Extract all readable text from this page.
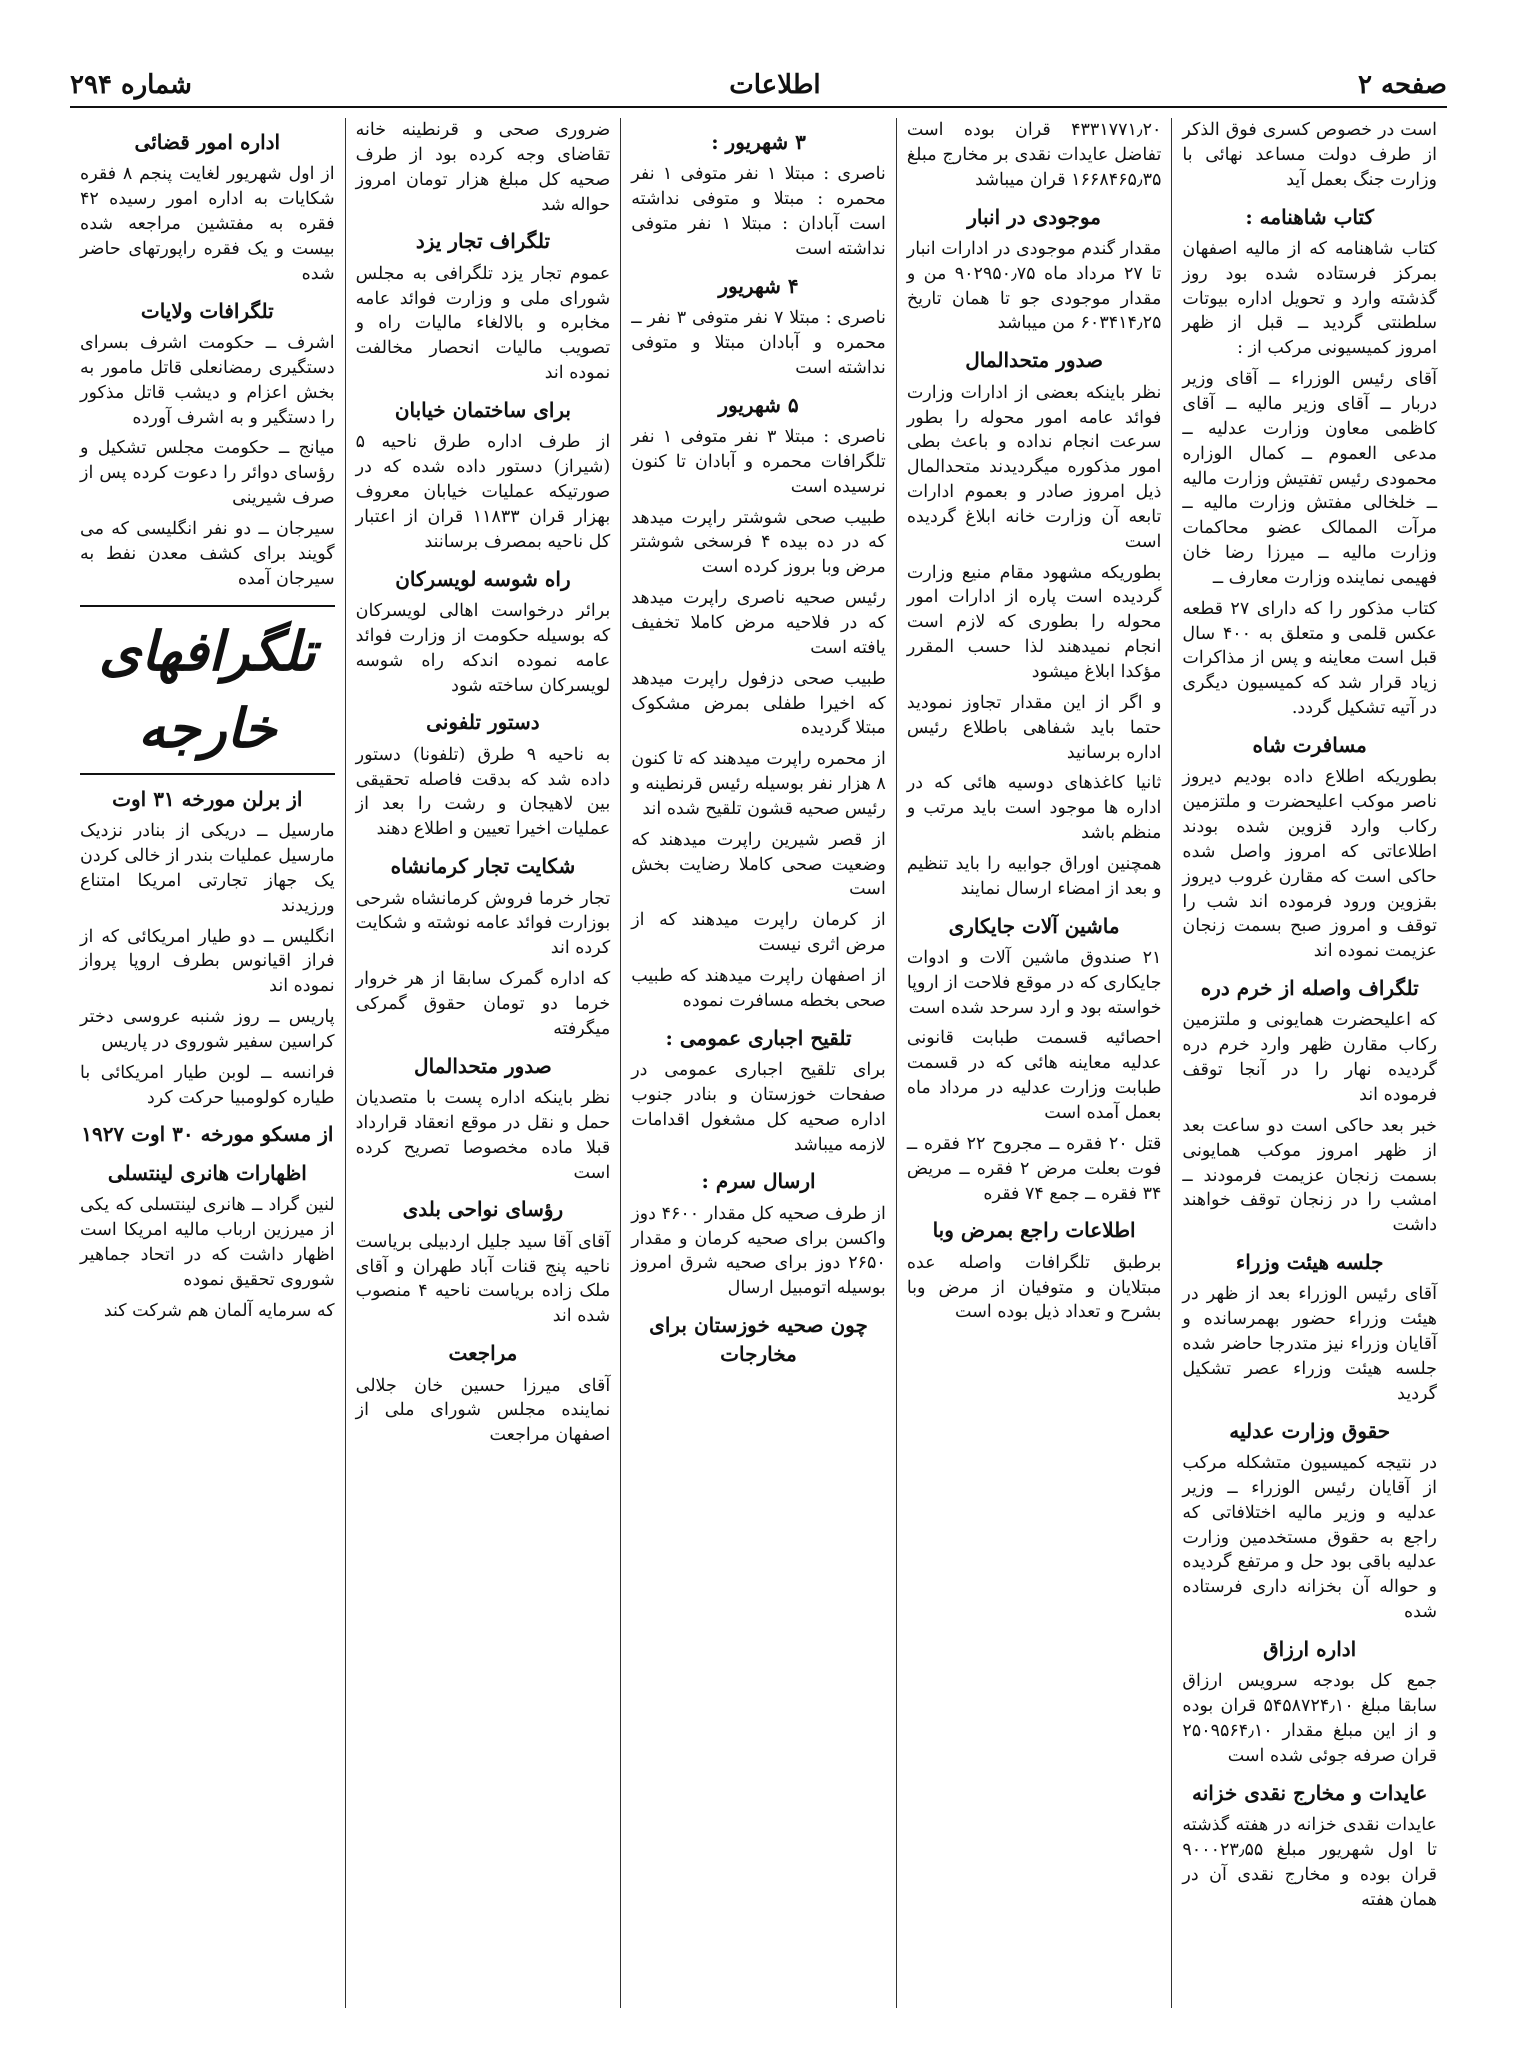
صفحه ۲
اطلاعات
شماره ۲۹۴

است در خصوص کسری فوق الذکر از طرف دولت مساعد نهائی با وزارت جنگ بعمل آید

کتاب شاهنامه :

کتاب شاهنامه که از مالیه اصفهان بمرکز فرستاده شده بود روز گذشته وارد و تحویل اداره بیوتات سلطنتی گردید ــ قبل از ظهر امروز کمیسیونی مرکب از :

آقای رئیس الوزراء ــ آقای وزیر دربار ــ آقای وزیر مالیه ــ آقای کاظمی معاون وزارت عدلیه ــ مدعی العموم ــ کمال الوزاره محمودی رئیس تفتیش وزارت مالیه ــ خلخالی مفتش وزارت مالیه ــ مرآت الممالک عضو محاکمات وزارت مالیه ــ میرزا رضا خان فهیمی نماینده وزارت معارف ــ

کتاب مذکور را که دارای ۲۷ قطعه عکس قلمی و متعلق به ۴۰۰ سال قبل است معاینه و پس از مذاکرات زیاد قرار شد که کمیسیون دیگری در آتیه تشکیل گردد.

مسافرت شاه

بطوریکه اطلاع داده بودیم دیروز ناصر موکب اعلیحضرت و ملتزمین رکاب وارد قزوین شده بودند اطلاعاتی که امروز واصل شده حاکی است که مقارن غروب دیروز بقزوین ورود فرموده اند شب را توقف و امروز صبح بسمت زنجان عزیمت نموده اند

تلگراف واصله از خرم دره

که اعلیحضرت همایونی و ملتزمین رکاب مقارن ظهر وارد خرم دره گردیده نهار را در آنجا توقف فرموده اند

خبر بعد حاکی است دو ساعت بعد از ظهر امروز موکب همایونی بسمت زنجان عزیمت فرمودند ــ امشب را در زنجان توقف خواهند داشت

جلسه هیئت وزراء

آقای رئیس الوزراء بعد از ظهر در هیئت وزراء حضور بهمرسانده و آقایان وزراء نیز متدرجا حاضر شده جلسه هیئت وزراء عصر تشکیل گردید

حقوق وزارت عدلیه

در نتیجه کمیسیون متشکله مرکب از آقایان رئیس الوزراء ــ وزیر عدلیه و وزیر مالیه اختلافاتی که راجع به حقوق مستخدمین وزارت عدلیه باقی بود حل و مرتفع گردیده و حواله آن بخزانه داری فرستاده شده

اداره ارزاق

جمع کل بودجه سرویس ارزاق سابقا مبلغ ۵۴۵۸۷۲۴٫۱۰ قران بوده و از این مبلغ مقدار ۲۵۰۹۵۶۴٫۱۰ قران صرفه جوئی شده است

عایدات و مخارج نقدی خزانه

عایدات نقدی خزانه در هفته گذشته تا اول شهریور مبلغ ۹۰۰۰۲۳٫۵۵ قران بوده و مخارج نقدی آن در همان هفته

۴۳۳۱۷۷۱٫۲۰ قران بوده است تفاضل عایدات نقدی بر مخارج مبلغ ۱۶۶۸۴۶۵٫۳۵ قران میباشد

موجودی در انبار

مقدار گندم موجودی در ادارات انبار تا ۲۷ مرداد ماه ۹۰۲۹۵۰٫۷۵ من و مقدار موجودی جو تا همان تاریخ ۶۰۳۴۱۴٫۲۵ من میباشد

صدور متحدالمال

نظر باینکه بعضی از ادارات وزارت فوائد عامه امور محوله را بطور سرعت انجام نداده و باعث بطی امور مذکوره میگردیدند متحدالمال ذیل امروز صادر و بعموم ادارات تابعه آن وزارت خانه ابلاغ گردیده است

بطوریکه مشهود مقام منیع وزارت گردیده است پاره از ادارات امور محوله را بطوری که لازم است انجام نمیدهند لذا حسب المقرر مؤکدا ابلاغ میشود

و اگر از این مقدار تجاوز نمودید حتما باید شفاهی باطلاع رئیس اداره برسانید

ثانیا کاغذهای دوسیه هائی که در اداره ها موجود است باید مرتب و منظم باشد

همچنین اوراق جوابیه را باید تنظیم و بعد از امضاء ارسال نمایند

ماشین آلات جایکاری

۲۱ صندوق ماشین آلات و ادوات جایکاری که در موقع فلاحت از اروپا خواسته بود و ارد سرحد شده است

احصائیه قسمت طبابت قانونی عدلیه معاینه هائی که در قسمت طبابت وزارت عدلیه در مرداد ماه بعمل آمده است

قتل ۲۰ فقره ــ مجروح ۲۲ فقره ــ فوت بعلت مرض ۲ فقره ــ مریض ۳۴ فقره ــ جمع ۷۴ فقره

اطلاعات راجع بمرض وبا

برطبق تلگرافات واصله عده مبتلایان و متوفیان از مرض وبا بشرح و تعداد ذیل بوده است

۳ شهریور :

ناصری : مبتلا ۱ نفر متوفی ۱ نفر محمره : مبتلا و متوفی نداشته است آبادان : مبتلا ۱ نفر متوفی نداشته است

۴ شهریور

ناصری : مبتلا ۷ نفر متوفی ۳ نفر ــ محمره و آبادان مبتلا و متوفی نداشته است

۵ شهریور

ناصری : مبتلا ۳ نفر متوفی ۱ نفر تلگرافات محمره و آبادان تا کنون نرسیده است

طبیب صحی شوشتر راپرت میدهد که در ده بیده ۴ فرسخی شوشتر مرض وبا بروز کرده است

رئیس صحیه ناصری راپرت میدهد که در فلاحیه مرض کاملا تخفیف یافته است

طبیب صحی دزفول راپرت میدهد که اخیرا طفلی بمرض مشکوک مبتلا گردیده

از محمره راپرت میدهند که تا کنون ۸ هزار نفر بوسیله رئیس قرنطینه و رئیس صحیه قشون تلقیح شده اند

از قصر شیرین راپرت میدهند که وضعیت صحی کاملا رضایت بخش است

از کرمان راپرت میدهند که از مرض اثری نیست

از اصفهان راپرت میدهند که طبیب صحی بخطه مسافرت نموده

تلقیح اجباری عمومی :

برای تلقیح اجباری عمومی در صفحات خوزستان و بنادر جنوب اداره صحیه کل مشغول اقدامات لازمه میباشد

ارسال سرم :

از طرف صحیه کل مقدار ۴۶۰۰ دوز واکسن برای صحیه کرمان و مقدار ۲۶۵۰ دوز برای صحیه شرق امروز بوسیله اتومبیل ارسال

چون صحیه خوزستان برای مخارجات

ضروری صحی و قرنطینه خانه تقاضای وجه کرده بود از طرف صحیه کل مبلغ هزار تومان امروز حواله شد

تلگراف تجار یزد

عموم تجار یزد تلگرافی به مجلس شورای ملی و وزارت فوائد عامه مخابره و بالالغاء مالیات راه و تصویب مالیات انحصار مخالفت نموده اند

برای ساختمان خیابان

از طرف اداره طرق ناحیه ۵ (شیراز) دستور داده شده که در صورتیکه عملیات خیابان معروف بهزار قران ۱۱۸۳۳ قران از اعتبار کل ناحیه بمصرف برسانند

راه شوسه لویسرکان

برائر درخواست اهالی لویسرکان که بوسیله حکومت از وزارت فوائد عامه نموده اندکه راه شوسه لویسرکان ساخته شود

دستور تلفونی

به ناحیه ۹ طرق (تلفونا) دستور داده شد که بدقت فاصله تحقیقی بین لاهیجان و رشت را بعد از عملیات اخیرا تعیین و اطلاع دهند

شکایت تجار کرمانشاه

تجار خرما فروش کرمانشاه شرحی بوزارت فوائد عامه نوشته و شکایت کرده اند

که اداره گمرک سابقا از هر خروار خرما دو تومان حقوق گمرکی میگرفته

صدور متحدالمال

نظر باینکه اداره پست با متصدیان حمل و نقل در موقع انعقاد قرارداد قبلا ماده مخصوصا تصریح کرده است

رؤسای نواحی بلدی

آقای آقا سید جلیل اردبیلی بریاست ناحیه پنج قنات آباد طهران و آقای ملک زاده بریاست ناحیه ۴ منصوب شده اند

مراجعت

آقای میرزا حسین خان جلالی نماینده مجلس شورای ملی از اصفهان مراجعت

اداره امور قضائی

از اول شهریور لغایت پنجم ۸ فقره شکایات به اداره امور رسیده ۴۲ فقره به مفتشین مراجعه شده بیست و یک فقره راپورتهای حاضر شده

تلگرافات ولایات

اشرف ــ حکومت اشرف بسرای دستگیری رمضانعلی قاتل مامور به بخش اعزام و دیشب قاتل مذکور را دستگیر و به اشرف آورده

میانج ــ حکومت مجلس تشکیل و رؤسای دوائر را دعوت کرده پس از صرف شیرینی

سیرجان ــ دو نفر انگلیسی که می گویند برای کشف معدن نفط به سیرجان آمده

تلگرافهای خارجه
از برلن مورخه ۳۱ اوت

مارسیل ــ دریکی از بنادر نزدیک مارسیل عملیات بندر از خالی کردن یک جهاز تجارتی امریکا امتناع ورزیدند

انگلیس ــ دو طیار امریکائی که از فراز اقیانوس بطرف اروپا پرواز نموده اند

پاریس ــ روز شنبه عروسی دختر کراسین سفیر شوروی در پاریس

فرانسه ــ لوبن طیار امریکائی با طیاره کولومبیا حرکت کرد

از مسکو مورخه ۳۰ اوت ۱۹۲۷
اظهارات هانری لینتسلی

لنین گراد ــ هانری لینتسلی که یکی از میرزین ارباب مالیه امریکا است اظهار داشت که در اتحاد جماهیر شوروی تحقیق نموده

که سرمایه آلمان هم شرکت کند
